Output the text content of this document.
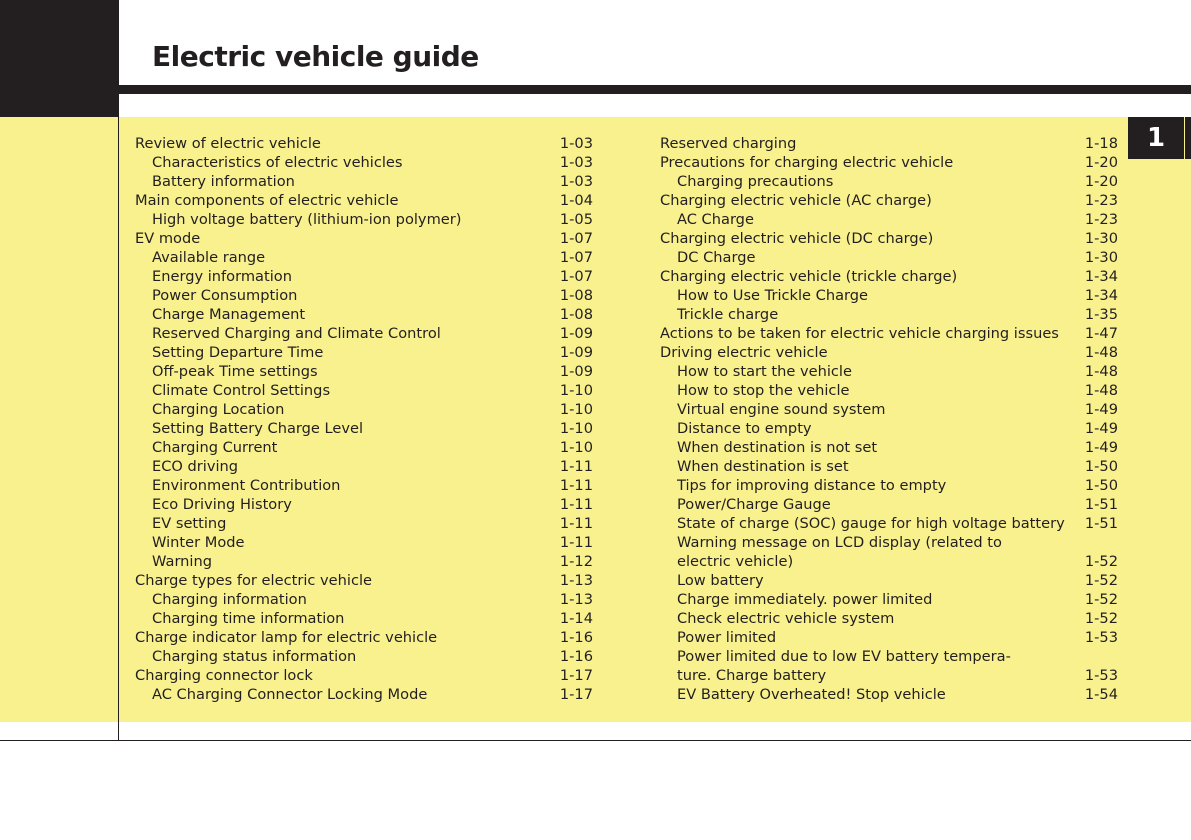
Electric vehicle guide
1
Review of electric vehicle	1-03
Characteristics of electric vehicles	1-03
Battery information	1-03
Main components of electric vehicle	1-04
High voltage battery (lithium-ion polymer)	1-05
EV mode	1-07
Available range	1-07
Energy information	1-07
Power Consumption	1-08
Charge Management	1-08
Reserved Charging and Climate Control	1-09
Setting Departure Time	1-09
Off-peak Time settings	1-09
Climate Control Settings	1-10
Charging Location	1-10
Setting Battery Charge Level	1-10
Charging Current	1-10
ECO driving	1-11
Environment Contribution	1-11
Eco Driving History	1-11
EV setting	1-11
Winter Mode	1-11
Warning	1-12
Charge types for electric vehicle	1-13
Charging information	1-13
Charging time information	1-14
Charge indicator lamp for electric vehicle	1-16
Charging status information	1-16
Charging connector lock	1-17
AC Charging Connector Locking Mode	1-17
Reserved charging	1-18
Precautions for charging electric vehicle	1-20
Charging precautions	1-20
Charging electric vehicle (AC charge)	1-23
AC Charge	1-23
Charging electric vehicle (DC charge)	1-30
DC Charge	1-30
Charging electric vehicle (trickle charge)	1-34
How to Use Trickle Charge	1-34
Trickle charge	1-35
Actions to be taken for electric vehicle charging issues 1-47
Driving electric vehicle	1-48
How to start the vehicle	1-48
How to stop the vehicle	1-48
Virtual engine sound system	1-49
Distance to empty	1-49
When destination is not set	1-49
When destination is set	1-50
Tips for improving distance to empty	1-50
Power/Charge Gauge	1-51
State of charge (SOC) gauge for high voltage battery 1-51
Warning message on LCD display (related to
electric vehicle)	1-52
Low battery	1-52
Charge immediately. power limited	1-52
Check electric vehicle system	1-52
Power limited	1-53
Power limited due to low EV battery tempera-
ture. Charge battery	1-53
EV Battery Overheated! Stop vehicle	1-54
